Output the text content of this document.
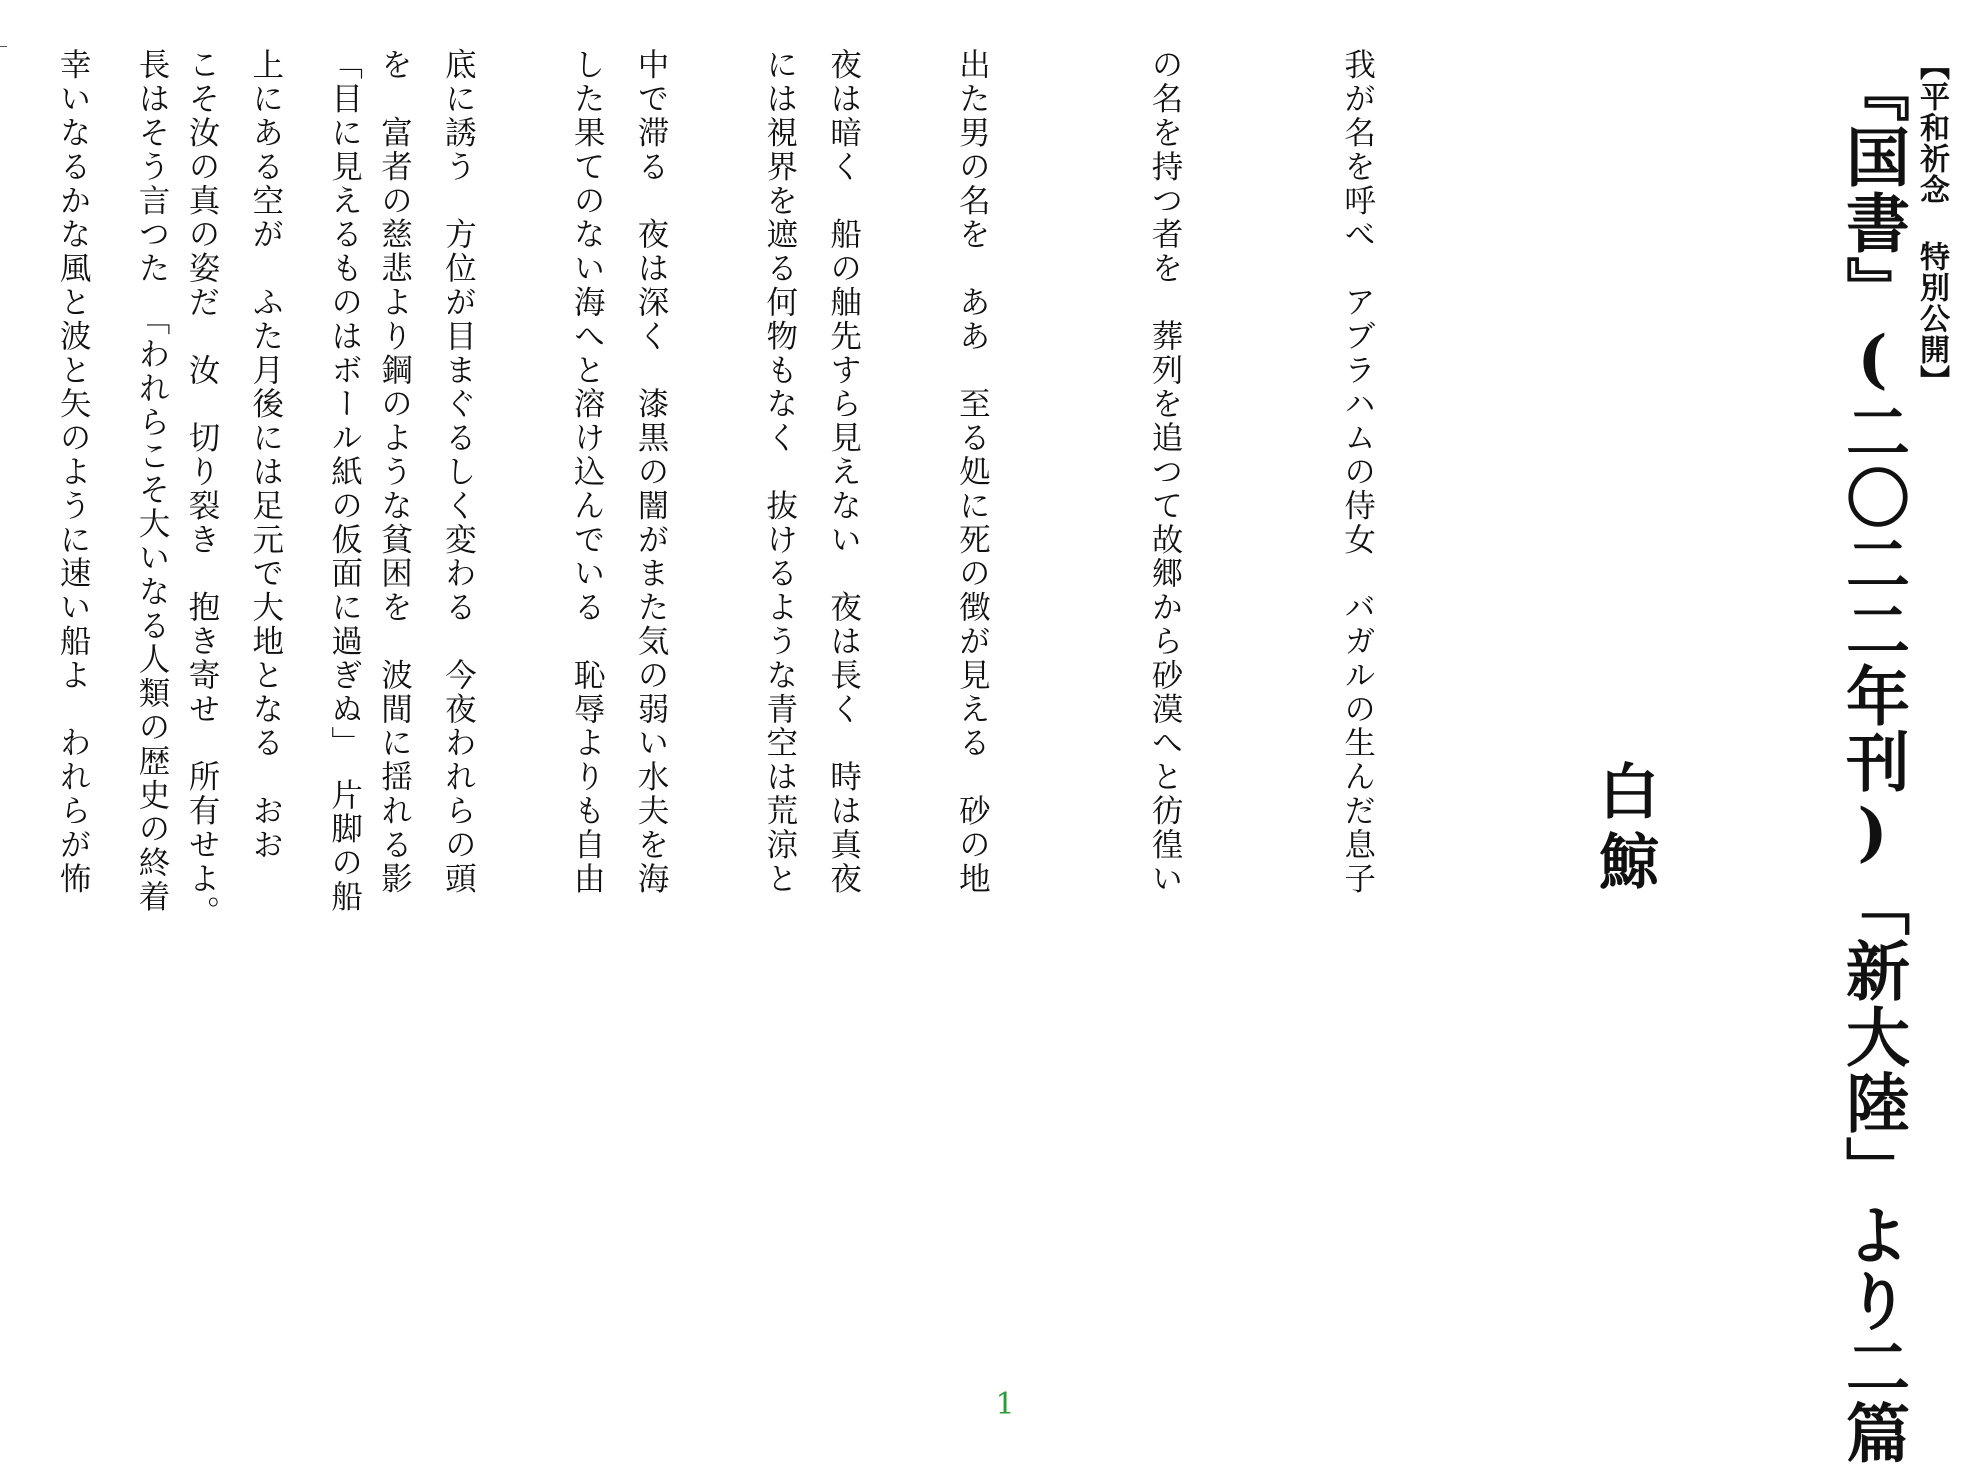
【平和祈念 特別公開】
『国書』(二〇二二年刊)「新大陸」より二篇
白鯨

我が名を呼べ　アブラハムの侍女　バガルの生んだ息子

の名を持つ者を　葬列を追つて故郷から砂漠へと彷徨い

出た男の名を　ああ　至る処に死の徴が見える　砂の地

には視界を遮る何物もなく　抜けるような青空は荒涼と

した果てのない海へと溶け込んでいる　恥辱よりも自由

を　富者の慈悲より鋼のような貧困を　波間に揺れる影

こそ汝の真の姿だ　汝　切り裂き　抱き寄せ　所有せよ。

	夜は暗く　船の舳先すら見えない　夜は長く　時は真夜

中で滞る　夜は深く　漆黒の闇がまた気の弱い水夫を海

底に誘う　方位が目まぐるしく変わる　今夜われらの頭

上にある空が　ふた月後には足元で大地となる　おお

幸いなるかな風と波と矢のように速い船よ　われらが怖

	「目に見えるものはボール紙の仮面に過ぎぬ」　片脚の船

長はそう言つた　「われらこそ大いなる人類の歴史の終着

1
